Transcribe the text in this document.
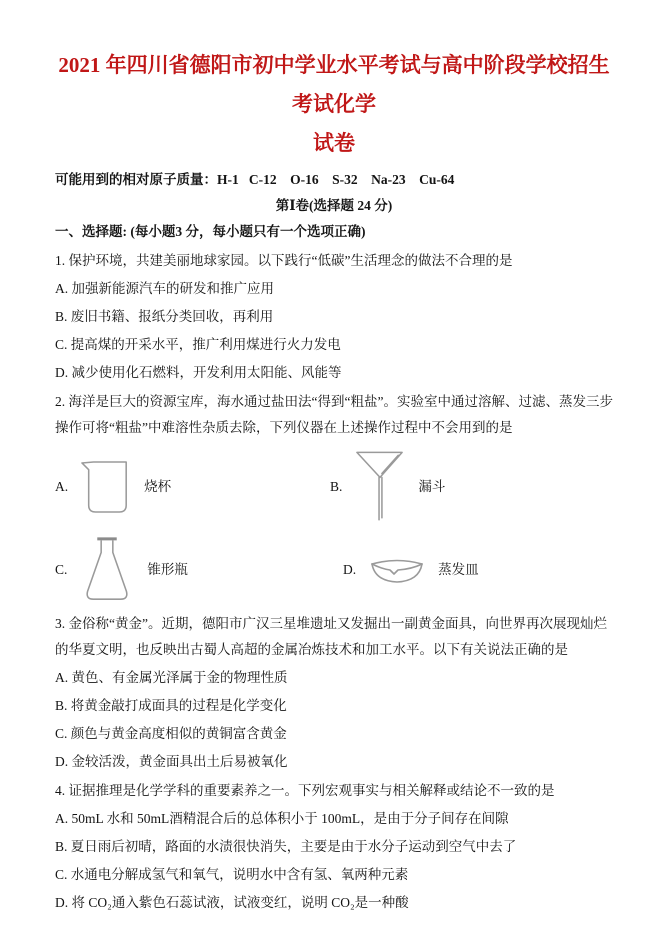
2021 年四川省德阳市初中学业水平考试与高中阶段学校招生考试化学
试卷

可能用到的相对原子质量：H-1   C-12    O-16    S-32    Na-23    Cu-64

第Ⅰ卷(选择题 24 分)

一、选择题: (每小题3 分，每小题只有一个选项正确)

1. 保护环境，共建美丽地球家园。以下践行“低碳”生活理念的做法不合理的是

A. 加强新能源汽车的研发和推广应用

B. 废旧书籍、报纸分类回收，再利用

C. 提高煤的开采水平，推广利用煤进行火力发电

D. 减少使用化石燃料，开发利用太阳能、风能等

2. 海洋是巨大的资源宝库，海水通过盐田法“得到“粗盐”。实验室中通过溶解、过滤、蒸发三步操作可将“粗盐”中难溶性杂质去除，下列仪器在上述操作过程中不会用到的是

A.	烧杯	B.	漏斗
C.	锥形瓶	D.	蒸发皿

3. 金俗称“黄金”。近期，德阳市广汉三星堆遗址又发掘出一副黄金面具，向世界再次展现灿烂的华夏文明，也反映出古蜀人高超的金属冶炼技术和加工水平。以下有关说法正确的是

A. 黄色、有金属光泽属于金的物理性质

B. 将黄金敲打成面具的过程是化学变化

C. 颜色与黄金高度相似的黄铜富含黄金

D. 金较活泼，黄金面具出土后易被氧化

4. 证据推理是化学学科的重要素养之一。下列宏观事实与相关解释或结论不一致的是

A. 50mL 水和 50mL酒精混合后的总体积小于 100mL，是由于分子间存在间隙

B. 夏日雨后初晴，路面的水渍很快消失，主要是由于水分子运动到空气中去了

C. 水通电分解成氢气和氧气，说明水中含有氢、氧两种元素

D. 将 CO₂通入紫色石蕊试液，试液变红，说明 CO₂是一种酸
